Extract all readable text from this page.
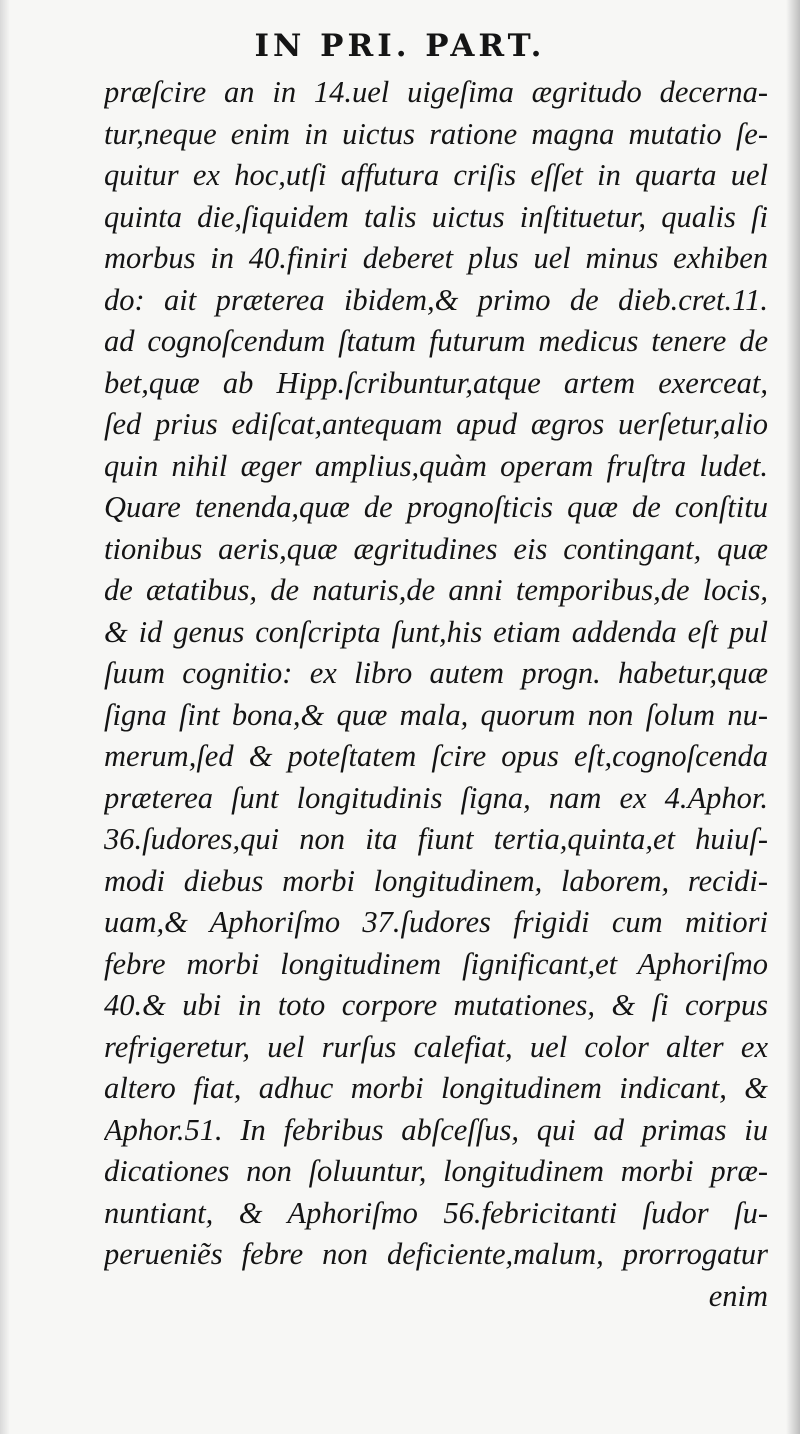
IN PRI. PART.
præſcire an in 14.uel uigeſima ægritudo decerna-
tur,neque enim in uictus ratione magna mutatio ſe-
quitur ex hoc,utſi affutura criſis eſſet in quarta uel
quinta die,ſiquidem talis uictus inſtituetur, qualis ſi
morbus in 40.finiri deberet plus uel minus exhiben
do: ait præterea ibidem,& primo de dieb.cret.11.
ad cognoſcendum ſtatum futurum medicus tenere de
bet,quæ ab Hipp.ſcribuntur,atque artem exerceat,
ſed prius ediſcat,antequam apud ægros uerſetur,alio
quin nihil æger amplius,quàm operam fruſtra ludet.
Quare tenenda,quæ de prognoſticis quæ de conſtitu
tionibus aeris,quæ ægritudines eis contingant, quæ
de ætatibus, de naturis,de anni temporibus,de locis,
& id genus conſcripta ſunt,his etiam addenda eſt pul
ſuum cognitio: ex libro autem progn. habetur,quæ
ſigna ſint bona,& quæ mala, quorum non ſolum nu-
merum,ſed & poteſtatem ſcire opus eſt,cognoſcenda
præterea ſunt longitudinis ſigna, nam ex 4.Aphor.
36.ſudores,qui non ita fiunt tertia,quinta,et huiuſ-
modi diebus morbi longitudinem, laborem, recidi-
uam,& Aphoriſmo 37.ſudores frigidi cum mitiori
febre morbi longitudinem ſignificant,et Aphoriſmo
40.& ubi in toto corpore mutationes, & ſi corpus
refrigeretur, uel rurſus calefiat, uel color alter ex
altero fiat, adhuc morbi longitudinem indicant, &
Aphor.51. In febribus abſceſſus, qui ad primas iu
dicationes non ſoluuntur, longitudinem morbi præ-
nuntiant, & Aphoriſmo 56.febricitanti ſudor ſu-
perueniẽs febre non deficiente,malum, prorrogatur
enim
